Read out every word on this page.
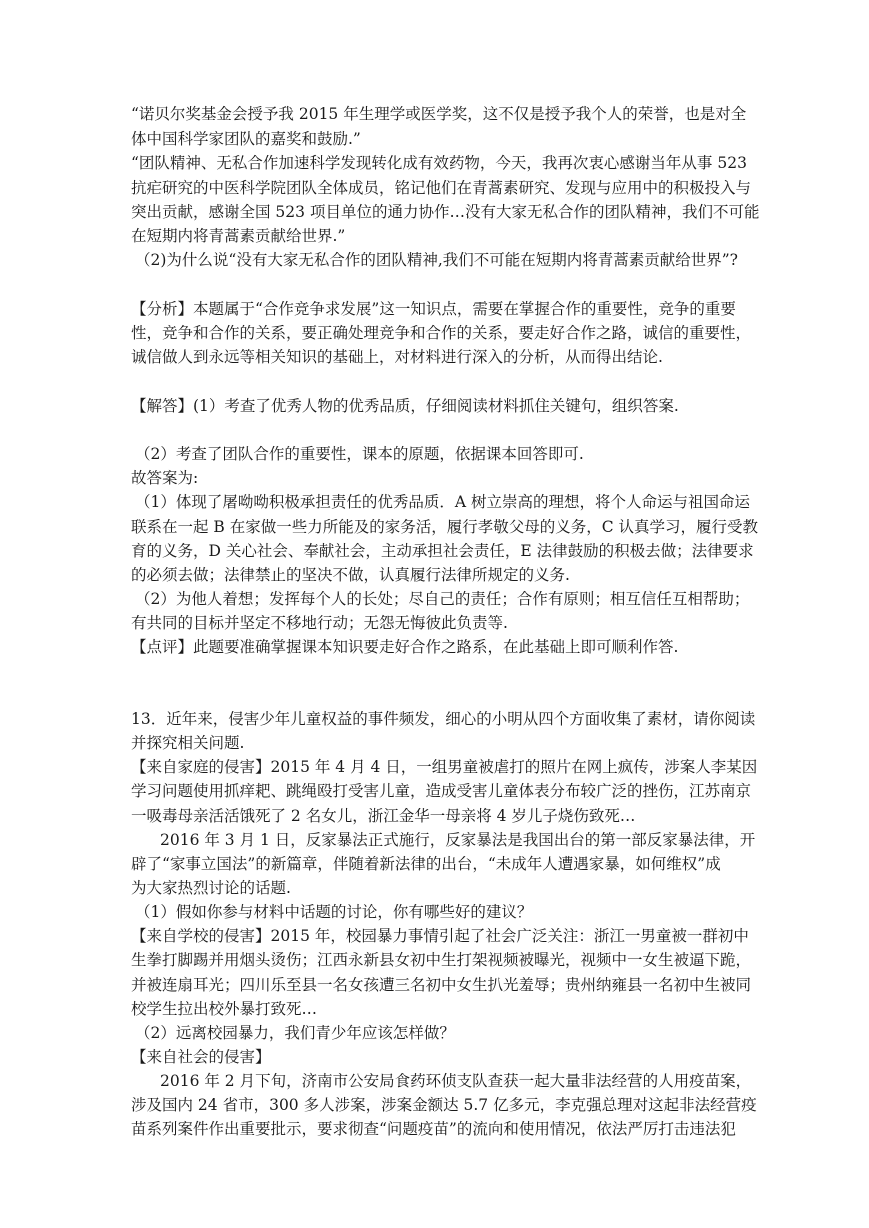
“诺贝尔奖基金会授予我 2015 年生理学或医学奖，这不仅是授予我个人的荣誉，也是对全
体中国科学家团队的嘉奖和鼓励.”
“团队精神、无私合作加速科学发现转化成有效药物，今天，我再次衷心感谢当年从事 523
抗疟研究的中医科学院团队全体成员，铭记他们在青蒿素研究、发现与应用中的积极投入与
突出贡献，感谢全国 523 项目单位的通力协作…没有大家无私合作的团队精神，我们不可能
在短期内将青蒿素贡献给世界.”
（2)为什么说“没有大家无私合作的团队精神,我们不可能在短期内将青蒿素贡献给世界”?
【分析】本题属于“合作竞争求发展”这一知识点，需要在掌握合作的重要性，竞争的重要
性，竞争和合作的关系，要正确处理竞争和合作的关系，要走好合作之路，诚信的重要性，
诚信做人到永远等相关知识的基础上，对材料进行深入的分析，从而得出结论.
【解答】(1）考查了优秀人物的优秀品质，仔细阅读材料抓住关键句，组织答案.
（2）考查了团队合作的重要性，课本的原题，依据课本回答即可.
故答案为:
（1）体现了屠呦呦积极承担责任的优秀品质．A 树立崇高的理想，将个人命运与祖国命运
联系在一起 B 在家做一些力所能及的家务活，履行孝敬父母的义务，C 认真学习，履行受教
育的义务，D 关心社会、奉献社会，主动承担社会责任，E 法律鼓励的积极去做；法律要求
的必须去做；法律禁止的坚决不做，认真履行法律所规定的义务.
（2）为他人着想；发挥每个人的长处；尽自己的责任；合作有原则；相互信任互相帮助；
有共同的目标并坚定不移地行动；无怨无悔彼此负责等.
【点评】此题要准确掌握课本知识要走好合作之路系，在此基础上即可顺利作答.
13．近年来，侵害少年儿童权益的事件频发，细心的小明从四个方面收集了素材，请你阅读
并探究相关问题.
【来自家庭的侵害】2015 年 4 月 4 日，一组男童被虐打的照片在网上疯传，涉案人李某因
学习问题使用抓痒耙、跳绳殴打受害儿童，造成受害儿童体表分布较广泛的挫伤，江苏南京
一吸毒母亲活活饿死了 2 名女儿，浙江金华一母亲将 4 岁儿子烧伤致死…
2016 年 3 月 1 日，反家暴法正式施行，反家暴法是我国出台的第一部反家暴法律，开
辟了“家事立国法”的新篇章，伴随着新法律的出台，“未成年人遭遇家暴，如何维权”成
为大家热烈讨论的话题.
（1）假如你参与材料中话题的讨论，你有哪些好的建议？
【来自学校的侵害】2015 年，校园暴力事情引起了社会广泛关注：浙江一男童被一群初中
生拳打脚踢并用烟头烫伤；江西永新县女初中生打架视频被曝光，视频中一女生被逼下跪，
并被连扇耳光；四川乐至县一名女孩遭三名初中女生扒光羞辱；贵州纳雍县一名初中生被同
校学生拉出校外暴打致死…
（2）远离校园暴力，我们青少年应该怎样做？
【来自社会的侵害】
2016 年 2 月下旬，济南市公安局食药环侦支队查获一起大量非法经营的人用疫苗案，
涉及国内 24 省市，300 多人涉案，涉案金额达 5.7 亿多元，李克强总理对这起非法经营疫
苗系列案件作出重要批示，要求彻查“问题疫苗”的流向和使用情况，依法严厉打击违法犯
